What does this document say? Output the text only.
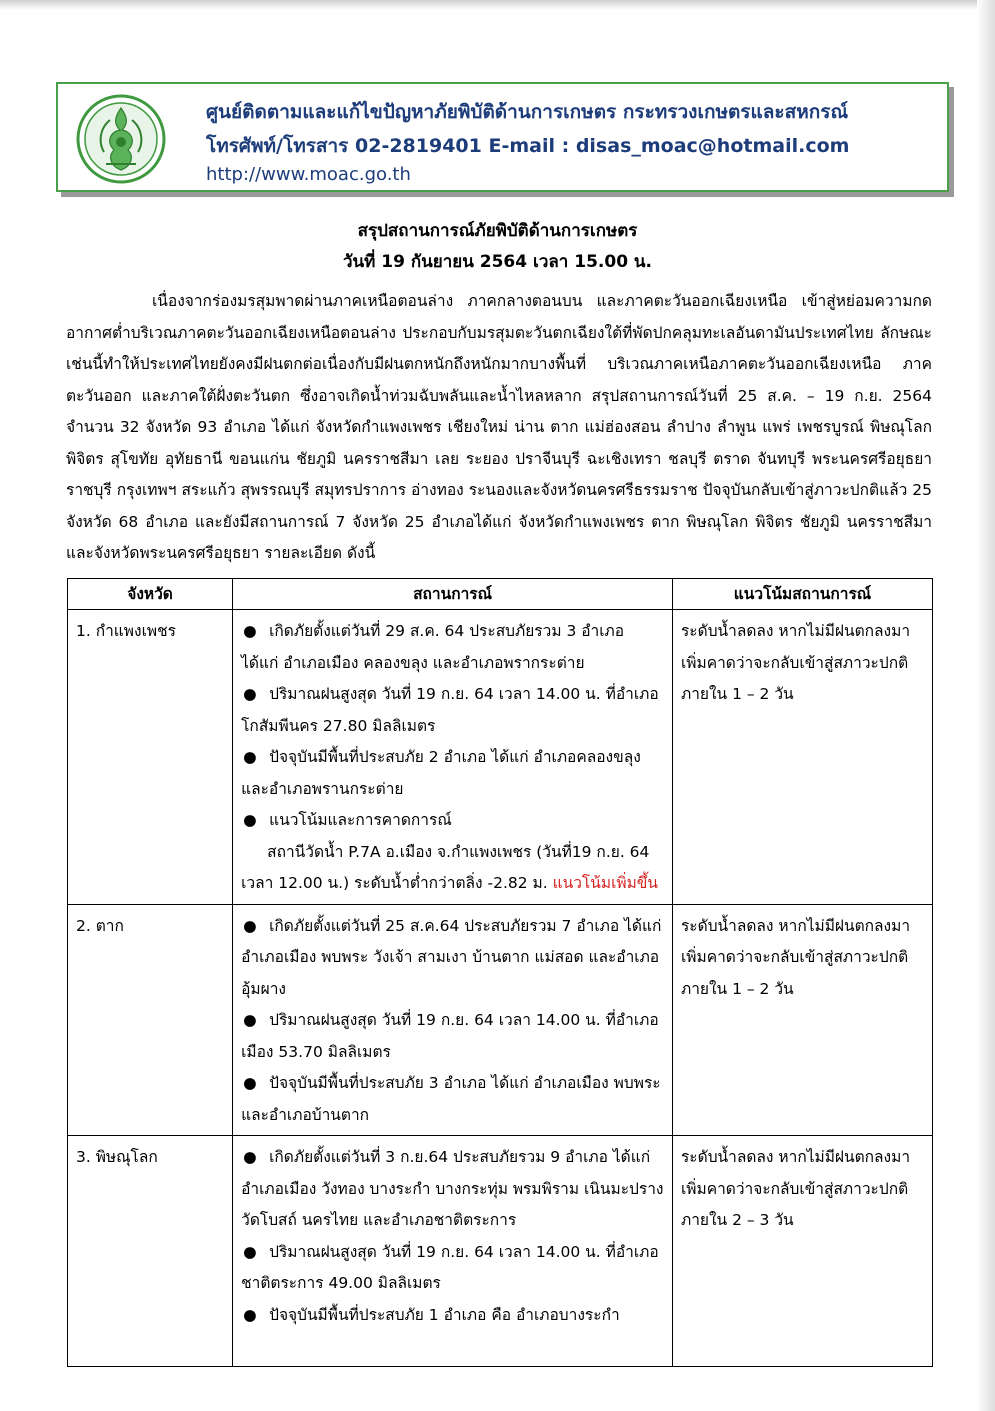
ศูนย์ติดตามและแก้ไขปัญหาภัยพิบัติด้านการเกษตร กระทรวงเกษตรและสหกรณ์
โทรศัพท์/โทรสาร 02-2819401 E-mail : disas_moac@hotmail.com
http://www.moac.go.th
สรุปสถานการณ์ภัยพิบัติด้านการเกษตร
วันที่ 19 กันยายน 2564 เวลา 15.00 น.

เนื่องจากร่องมรสุมพาดผ่านภาคเหนือตอนล่าง ภาคกลางตอนบน และภาคตะวันออกเฉียงเหนือ เข้าสู่หย่อมความกดอากาศต่ำบริเวณภาคตะวันออกเฉียงเหนือตอนล่าง ประกอบกับมรสุมตะวันตกเฉียงใต้ที่พัดปกคลุมทะเลอันดามันประเทศไทย ลักษณะเช่นนี้ทำให้ประเทศไทยยังคงมีฝนตกต่อเนื่องกับมีฝนตกหนักถึงหนักมากบางพื้นที่ บริเวณภาคเหนือภาคตะวันออกเฉียงเหนือ ภาคตะวันออก และภาคใต้ฝั่งตะวันตก ซึ่งอาจเกิดน้ำท่วมฉับพลันและน้ำไหลหลาก สรุปสถานการณ์วันที่ 25 ส.ค. – 19 ก.ย. 2564 จำนวน 32 จังหวัด 93 อำเภอ ได้แก่ จังหวัดกำแพงเพชร เชียงใหม่ น่าน ตาก แม่ฮ่องสอน ลำปาง ลำพูน แพร่ เพชรบูรณ์ พิษณุโลก พิจิตร สุโขทัย อุทัยธานี ขอนแก่น ชัยภูมิ นครราชสีมา เลย ระยอง ปราจีนบุรี ฉะเชิงเทรา ชลบุรี ตราด จันทบุรี พระนครศรีอยุธยา ราชบุรี กรุงเทพฯ สระแก้ว สุพรรณบุรี สมุทรปราการ อ่างทอง ระนองและจังหวัดนครศรีธรรมราช ปัจจุบันกลับเข้าสู่ภาวะปกติแล้ว 25 จังหวัด 68 อำเภอ และยังมีสถานการณ์ 7 จังหวัด 25 อำเภอได้แก่ จังหวัดกำแพงเพชร ตาก พิษณุโลก พิจิตร ชัยภูมิ นครราชสีมา และจังหวัดพระนครศรีอยุธยา รายละเอียด ดังนี้

จังหวัด	สถานการณ์	แนวโน้มสถานการณ์
1. กำแพงเพชร	● เกิดภัยตั้งแต่วันที่ 29 ส.ค. 64 ประสบภัยรวม 3 อำเภอ ได้แก่ อำเภอเมือง คลองขลุง และอำเภอพรากระต่าย
● ปริมาณฝนสูงสุด วันที่ 19 ก.ย. 64 เวลา 14.00 น. ที่อำเภอโกสัมพีนคร 27.80 มิลลิเมตร
● ปัจจุบันมีพื้นที่ประสบภัย 2 อำเภอ ได้แก่ อำเภอคลองขลุงและอำเภอพรานกระต่าย
● แนวโน้มและการคาดการณ์
สถานีวัดน้ำ P.7A อ.เมือง จ.กำแพงเพชร (วันที่19 ก.ย. 64 เวลา 12.00 น.) ระดับน้ำต่ำกว่าตลิ่ง -2.82 ม. แนวโน้มเพิ่มขึ้น	ระดับน้ำลดลง หากไม่มีฝนตกลงมาเพิ่มคาดว่าจะกลับเข้าสู่สภาวะปกติภายใน 1 – 2 วัน
2. ตาก	● เกิดภัยตั้งแต่วันที่ 25 ส.ค.64 ประสบภัยรวม 7 อำเภอ ได้แก่ อำเภอเมือง พบพระ วังเจ้า สามเงา บ้านตาก แม่สอด และอำเภออุ้มผาง
● ปริมาณฝนสูงสุด วันที่ 19 ก.ย. 64 เวลา 14.00 น. ที่อำเภอเมือง 53.70 มิลลิเมตร
● ปัจจุบันมีพื้นที่ประสบภัย 3 อำเภอ ได้แก่ อำเภอเมือง พบพระ และอำเภอบ้านตาก	ระดับน้ำลดลง หากไม่มีฝนตกลงมาเพิ่มคาดว่าจะกลับเข้าสู่สภาวะปกติภายใน 1 – 2 วัน
3. พิษณุโลก	● เกิดภัยตั้งแต่วันที่ 3 ก.ย.64 ประสบภัยรวม 9 อำเภอ ได้แก่ อำเภอเมือง วังทอง บางระกำ บางกระทุ่ม พรมพิราม เนินมะปราง วัดโบสถ์ นครไทย และอำเภอชาติตระการ
● ปริมาณฝนสูงสุด วันที่ 19 ก.ย. 64 เวลา 14.00 น. ที่อำเภอชาติตระการ 49.00 มิลลิเมตร
● ปัจจุบันมีพื้นที่ประสบภัย 1 อำเภอ คือ อำเภอบางระกำ	ระดับน้ำลดลง หากไม่มีฝนตกลงมาเพิ่มคาดว่าจะกลับเข้าสู่สภาวะปกติภายใน 2 – 3 วัน
